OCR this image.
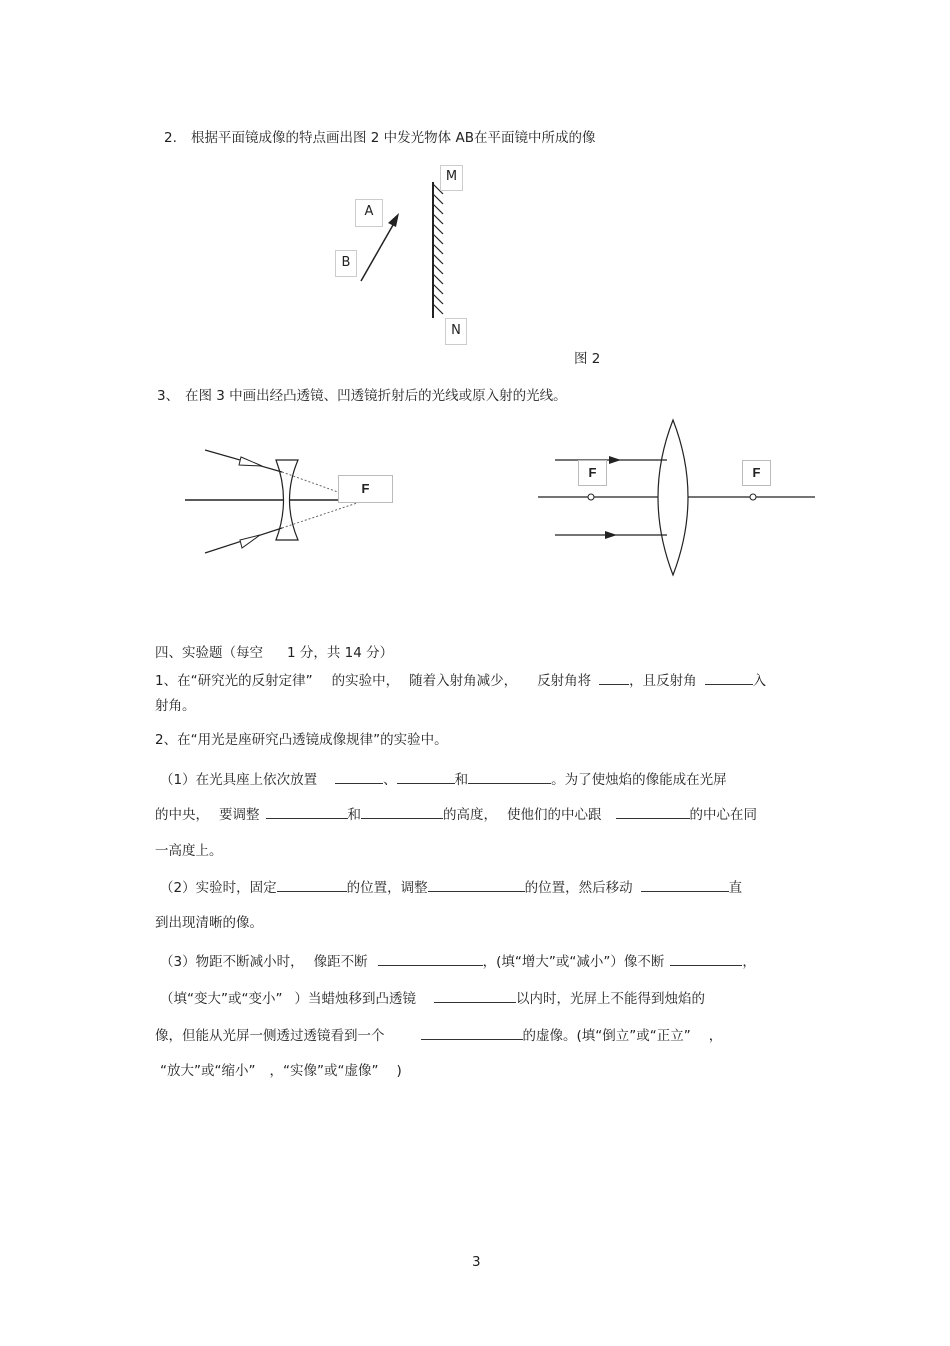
2. 根据平面镜成像的特点画出图 2 中发光物体 AB在平面镜中所成的像
A
B
M
N
图 2
3、 在图 3 中画出经凸透镜、凹透镜折射后的光线或原入射的光线。
F
F	F
四、实验题（每空 1 分，共 14 分）
1、在“研究光的反射定律” 的实验中， 随着入射角减少， 反射角将	，且反射角	入
射角。
2、在“用光是座研究凸透镜成像规律”的实验中。
（1）在光具座上依次放置	、	和	。为了使烛焰的像能成在光屏
的中央， 要调整	和	的高度， 使他们的中心跟	的中心在同
一高度上。
（2）实验时，固定	的位置，调整	的位置，然后移动	直
到出现清晰的像。
（3）物距不断减小时， 像距不断	，(填“增大”或“减小”）像不断	，
（填“变大”或“变小” ）当蜡烛移到凸透镜	以内时，光屏上不能得到烛焰的
像，但能从光屏一侧透过透镜看到一个	的虚像。(填“倒立”或“正立” ，
“放大”或“缩小” ，“实像”或“虚像” )
3
